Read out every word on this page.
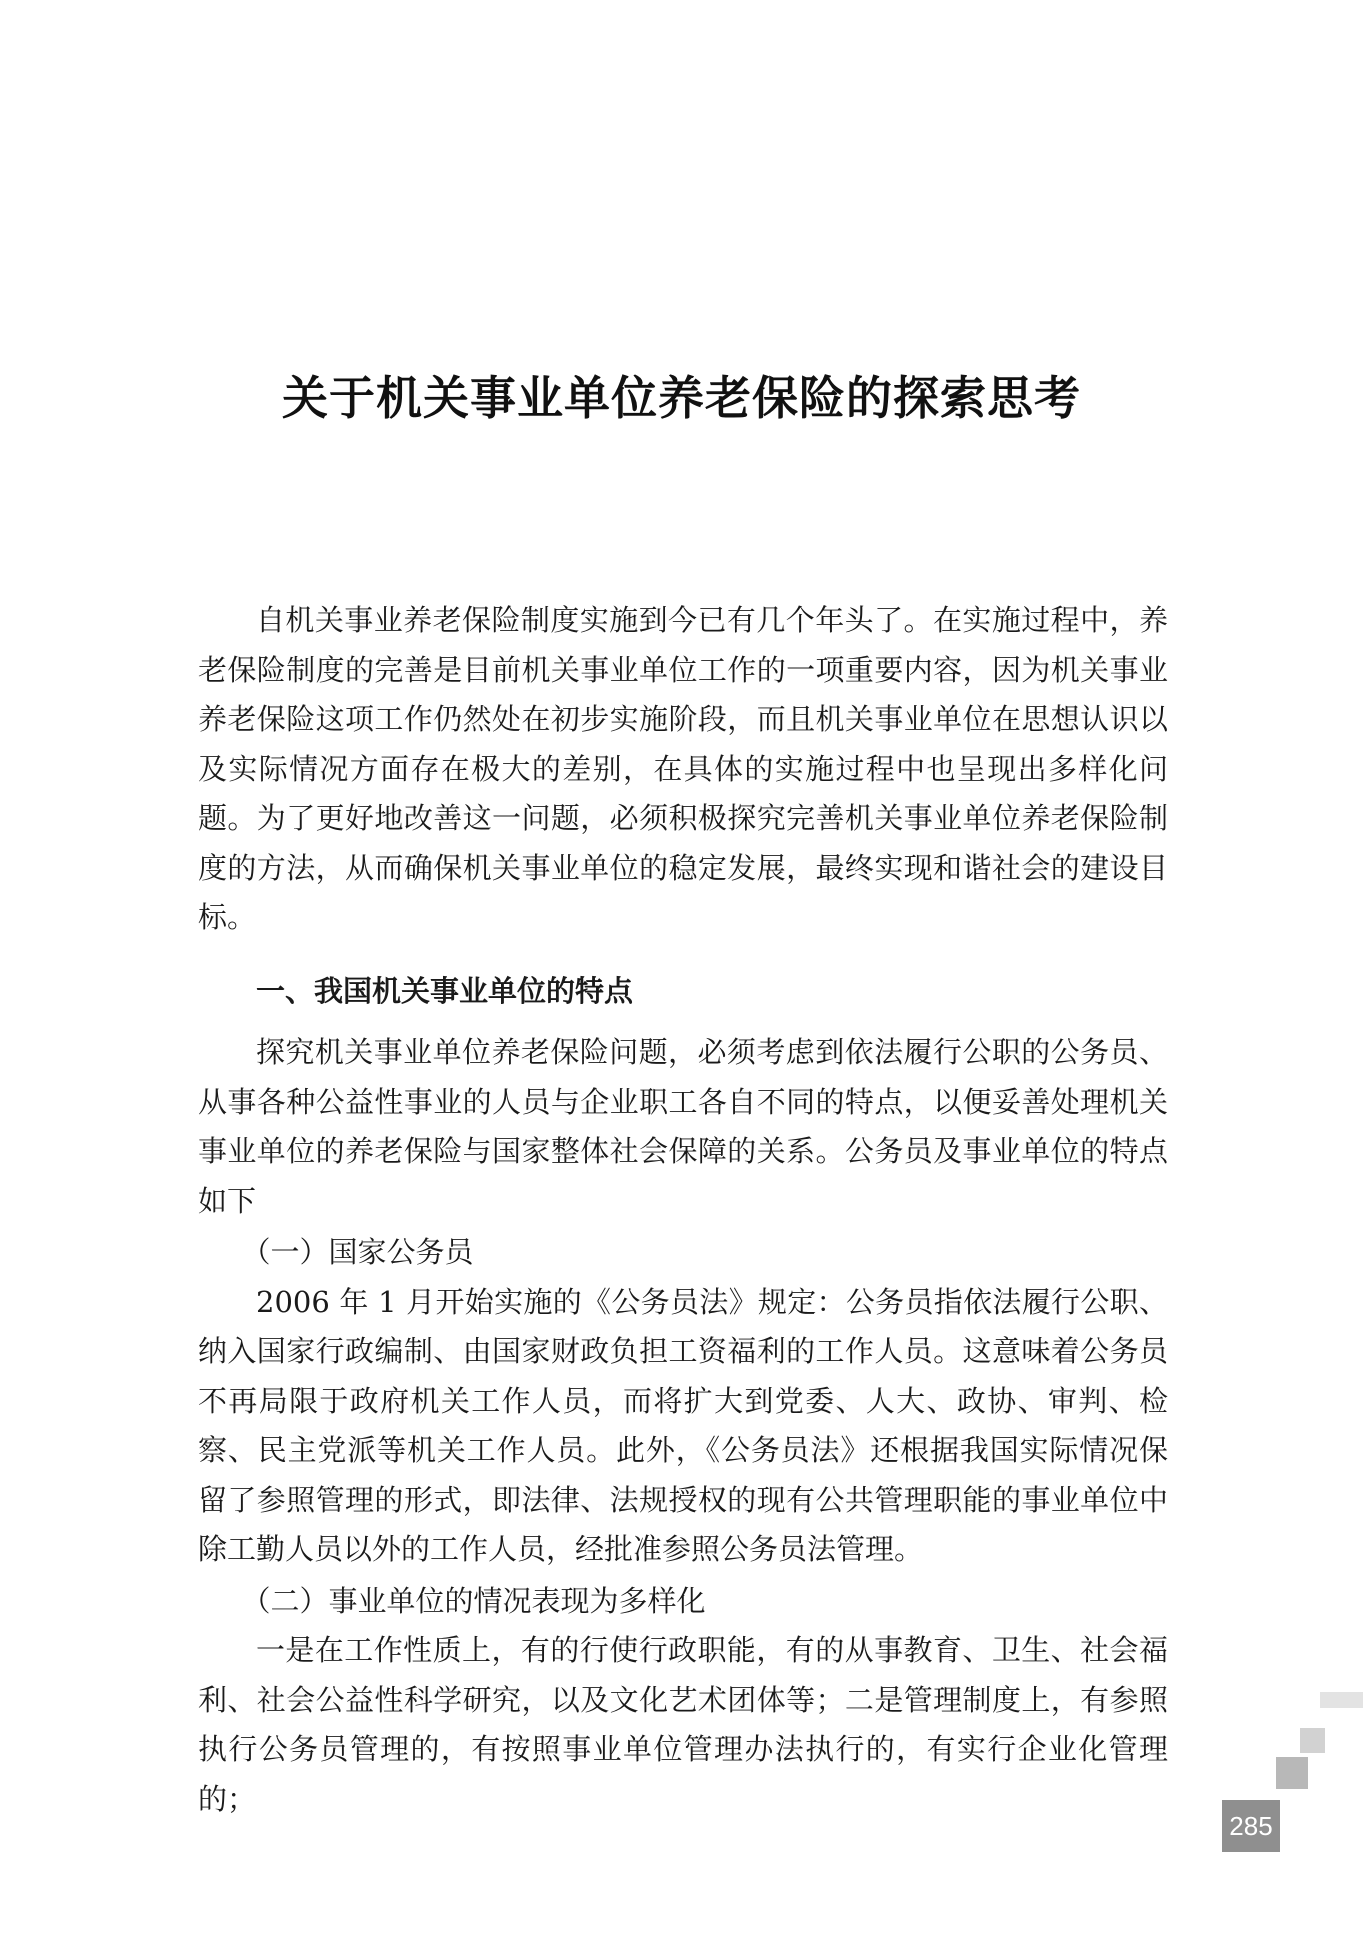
关于机关事业单位养老保险的探索思考

自机关事业养老保险制度实施到今已有几个年头了。在实施过程中，养老保险制度的完善是目前机关事业单位工作的一项重要内容，因为机关事业养老保险这项工作仍然处在初步实施阶段，而且机关事业单位在思想认识以及实际情况方面存在极大的差别，在具体的实施过程中也呈现出多样化问题。为了更好地改善这一问题，必须积极探究完善机关事业单位养老保险制度的方法，从而确保机关事业单位的稳定发展，最终实现和谐社会的建设目标。

一、我国机关事业单位的特点

探究机关事业单位养老保险问题，必须考虑到依法履行公职的公务员、从事各种公益性事业的人员与企业职工各自不同的特点，以便妥善处理机关事业单位的养老保险与国家整体社会保障的关系。公务员及事业单位的特点如下

（一）国家公务员

2006 年 1 月开始实施的《公务员法》规定：公务员指依法履行公职、纳入国家行政编制、由国家财政负担工资福利的工作人员。这意味着公务员不再局限于政府机关工作人员，而将扩大到党委、人大、政协、审判、检察、民主党派等机关工作人员。此外，《公务员法》还根据我国实际情况保留了参照管理的形式，即法律、法规授权的现有公共管理职能的事业单位中除工勤人员以外的工作人员，经批准参照公务员法管理。

（二）事业单位的情况表现为多样化

一是在工作性质上，有的行使行政职能，有的从事教育、卫生、社会福利、社会公益性科学研究，以及文化艺术团体等；二是管理制度上，有参照执行公务员管理的，有按照事业单位管理办法执行的，有实行企业化管理的；

285
